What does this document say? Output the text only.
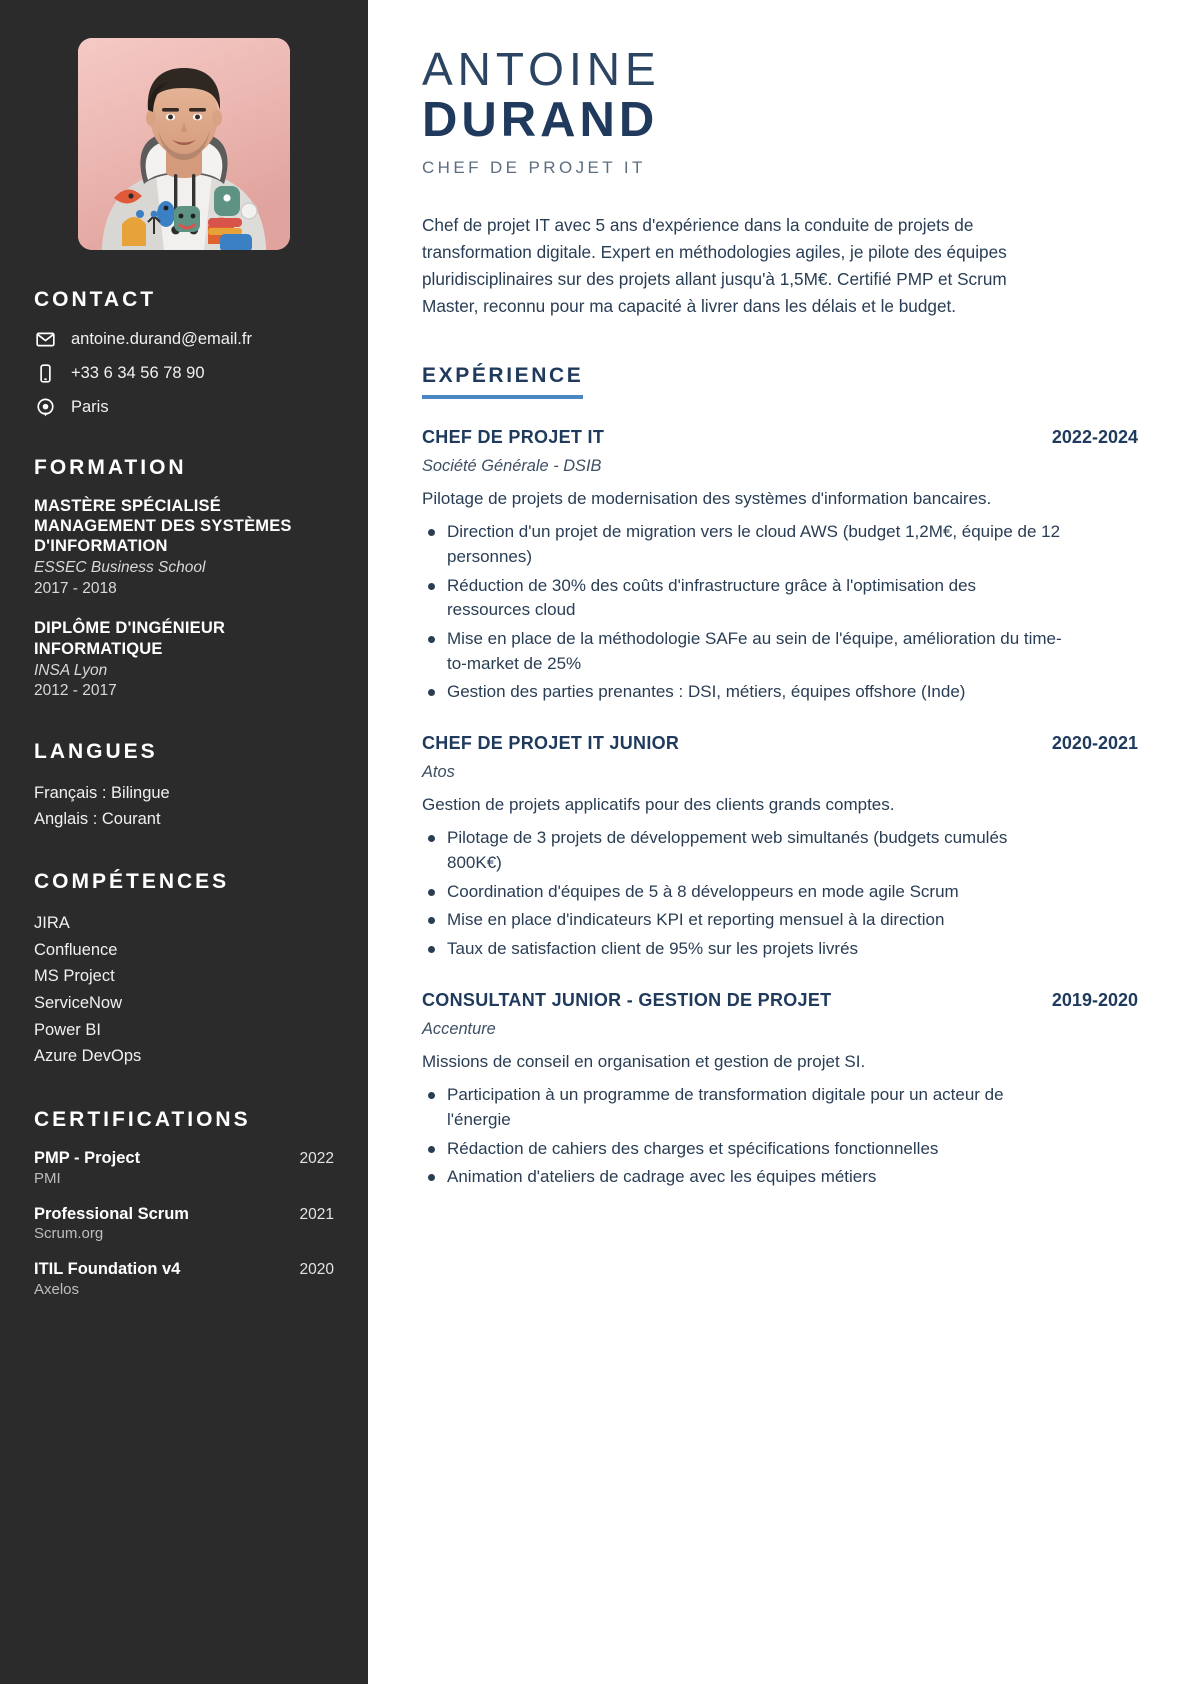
CONTACT
antoine.durand@email.fr
+33 6 34 56 78 90
Paris
FORMATION
MASTÈRE SPÉCIALISÉ MANAGEMENT DES SYSTÈMES D'INFORMATION
ESSEC Business School
2017 - 2018
DIPLÔME D'INGÉNIEUR INFORMATIQUE
INSA Lyon
2012 - 2017
LANGUES
Français : Bilingue
Anglais : Courant
COMPÉTENCES
JIRA
Confluence
MS Project
ServiceNow
Power BI
Azure DevOps
CERTIFICATIONS
PMP - Project	2022
PMI
Professional Scrum	2021
Scrum.org
ITIL Foundation v4	2020
Axelos
ANTOINE
DURAND
CHEF DE PROJET IT

Chef de projet IT avec 5 ans d'expérience dans la conduite de projets de transformation digitale. Expert en méthodologies agiles, je pilote des équipes pluridisciplinaires sur des projets allant jusqu'à 1,5M€. Certifié PMP et Scrum Master, reconnu pour ma capacité à livrer dans les délais et le budget.

EXPÉRIENCE
CHEF DE PROJET IT	2022-2024
Société Générale - DSIB
Pilotage de projets de modernisation des systèmes d'information bancaires.
Direction d'un projet de migration vers le cloud AWS (budget 1,2M€, équipe de 12 personnes)
Réduction de 30% des coûts d'infrastructure grâce à l'optimisation des ressources cloud
Mise en place de la méthodologie SAFe au sein de l'équipe, amélioration du time-to-market de 25%
Gestion des parties prenantes : DSI, métiers, équipes offshore (Inde)
CHEF DE PROJET IT JUNIOR	2020-2021
Atos
Gestion de projets applicatifs pour des clients grands comptes.
Pilotage de 3 projets de développement web simultanés (budgets cumulés 800K€)
Coordination d'équipes de 5 à 8 développeurs en mode agile Scrum
Mise en place d'indicateurs KPI et reporting mensuel à la direction
Taux de satisfaction client de 95% sur les projets livrés
CONSULTANT JUNIOR - GESTION DE PROJET	2019-2020
Accenture
Missions de conseil en organisation et gestion de projet SI.
Participation à un programme de transformation digitale pour un acteur de l'énergie
Rédaction de cahiers des charges et spécifications fonctionnelles
Animation d'ateliers de cadrage avec les équipes métiers
